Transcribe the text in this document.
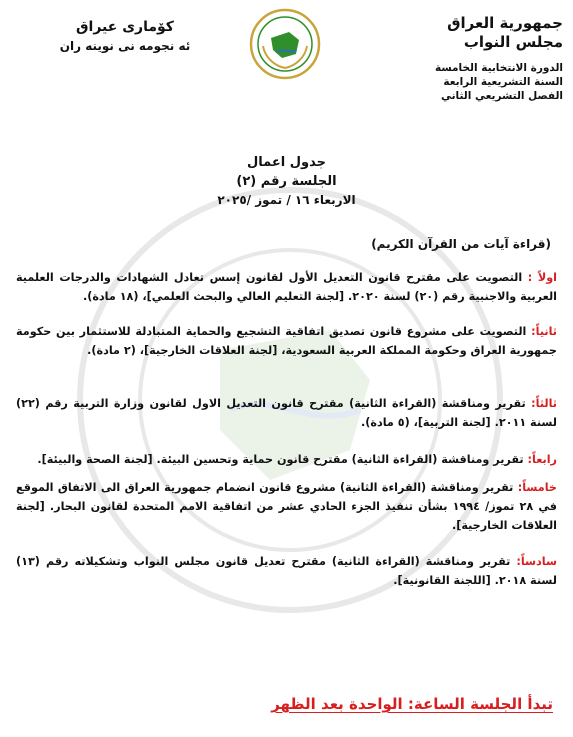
جمهورية العراق
مجلس النواب
الدورة الانتخابية الخامسة
السنة التشريعية الرابعة
الفصل التشريعي الثاني
كۆماری عیراق
ئه نجومه نی نوینه ران
جدول اعمال
الجلسة رقم (٢)
الاربعاء ١٦ / تموز /٢٠٢٥
(قراءة آيات من القرآن الكريم)
اولاً : التصويت على مقترح قانون التعديل الأول لقانون إسس تعادل الشهادات والدرجات العلمية العربية والاجنبية رقم (٢٠) لسنة ٢٠٢٠. [لجنة التعليم العالي والبحث العلمي]، (١٨ مادة).
ثانياً: التصويت على مشروع قانون تصديق اتفاقية التشجيع والحماية المتبادلة للاستثمار بين حكومة جمهورية العراق وحكومة المملكة العربية السعودية، [لجنة العلاقات الخارجية]، (٢ مادة).
ثالثاً: تقرير ومناقشة (القراءة الثانية) مقترح قانون التعديل الاول لقانون وزارة التربية رقم (٢٢) لسنة ٢٠١١. [لجنة التربية]، (٥ مادة).
رابعاً: تقرير ومناقشة (القراءة الثانية) مقترح قانون حماية وتحسين البيئة. [لجنة الصحة والبيئة].
خامساً: تقرير ومناقشة (القراءة الثانية) مشروع قانون انضمام جمهورية العراق الى الاتفاق الموقع في ٢٨ تموز/ ١٩٩٤ بشأن تنفيذ الجزء الحادي عشر من اتفاقية الامم المتحدة لقانون البحار. [لجنة العلاقات الخارجية].
سادساً: تقرير ومناقشة (القراءة الثانية) مقترح تعديل قانون مجلس النواب وتشكيلاته رقم (١٣) لسنة ٢٠١٨. [اللجنة القانونية].
تبدأ الجلسة الساعة: الواحدة بعد الظهر
